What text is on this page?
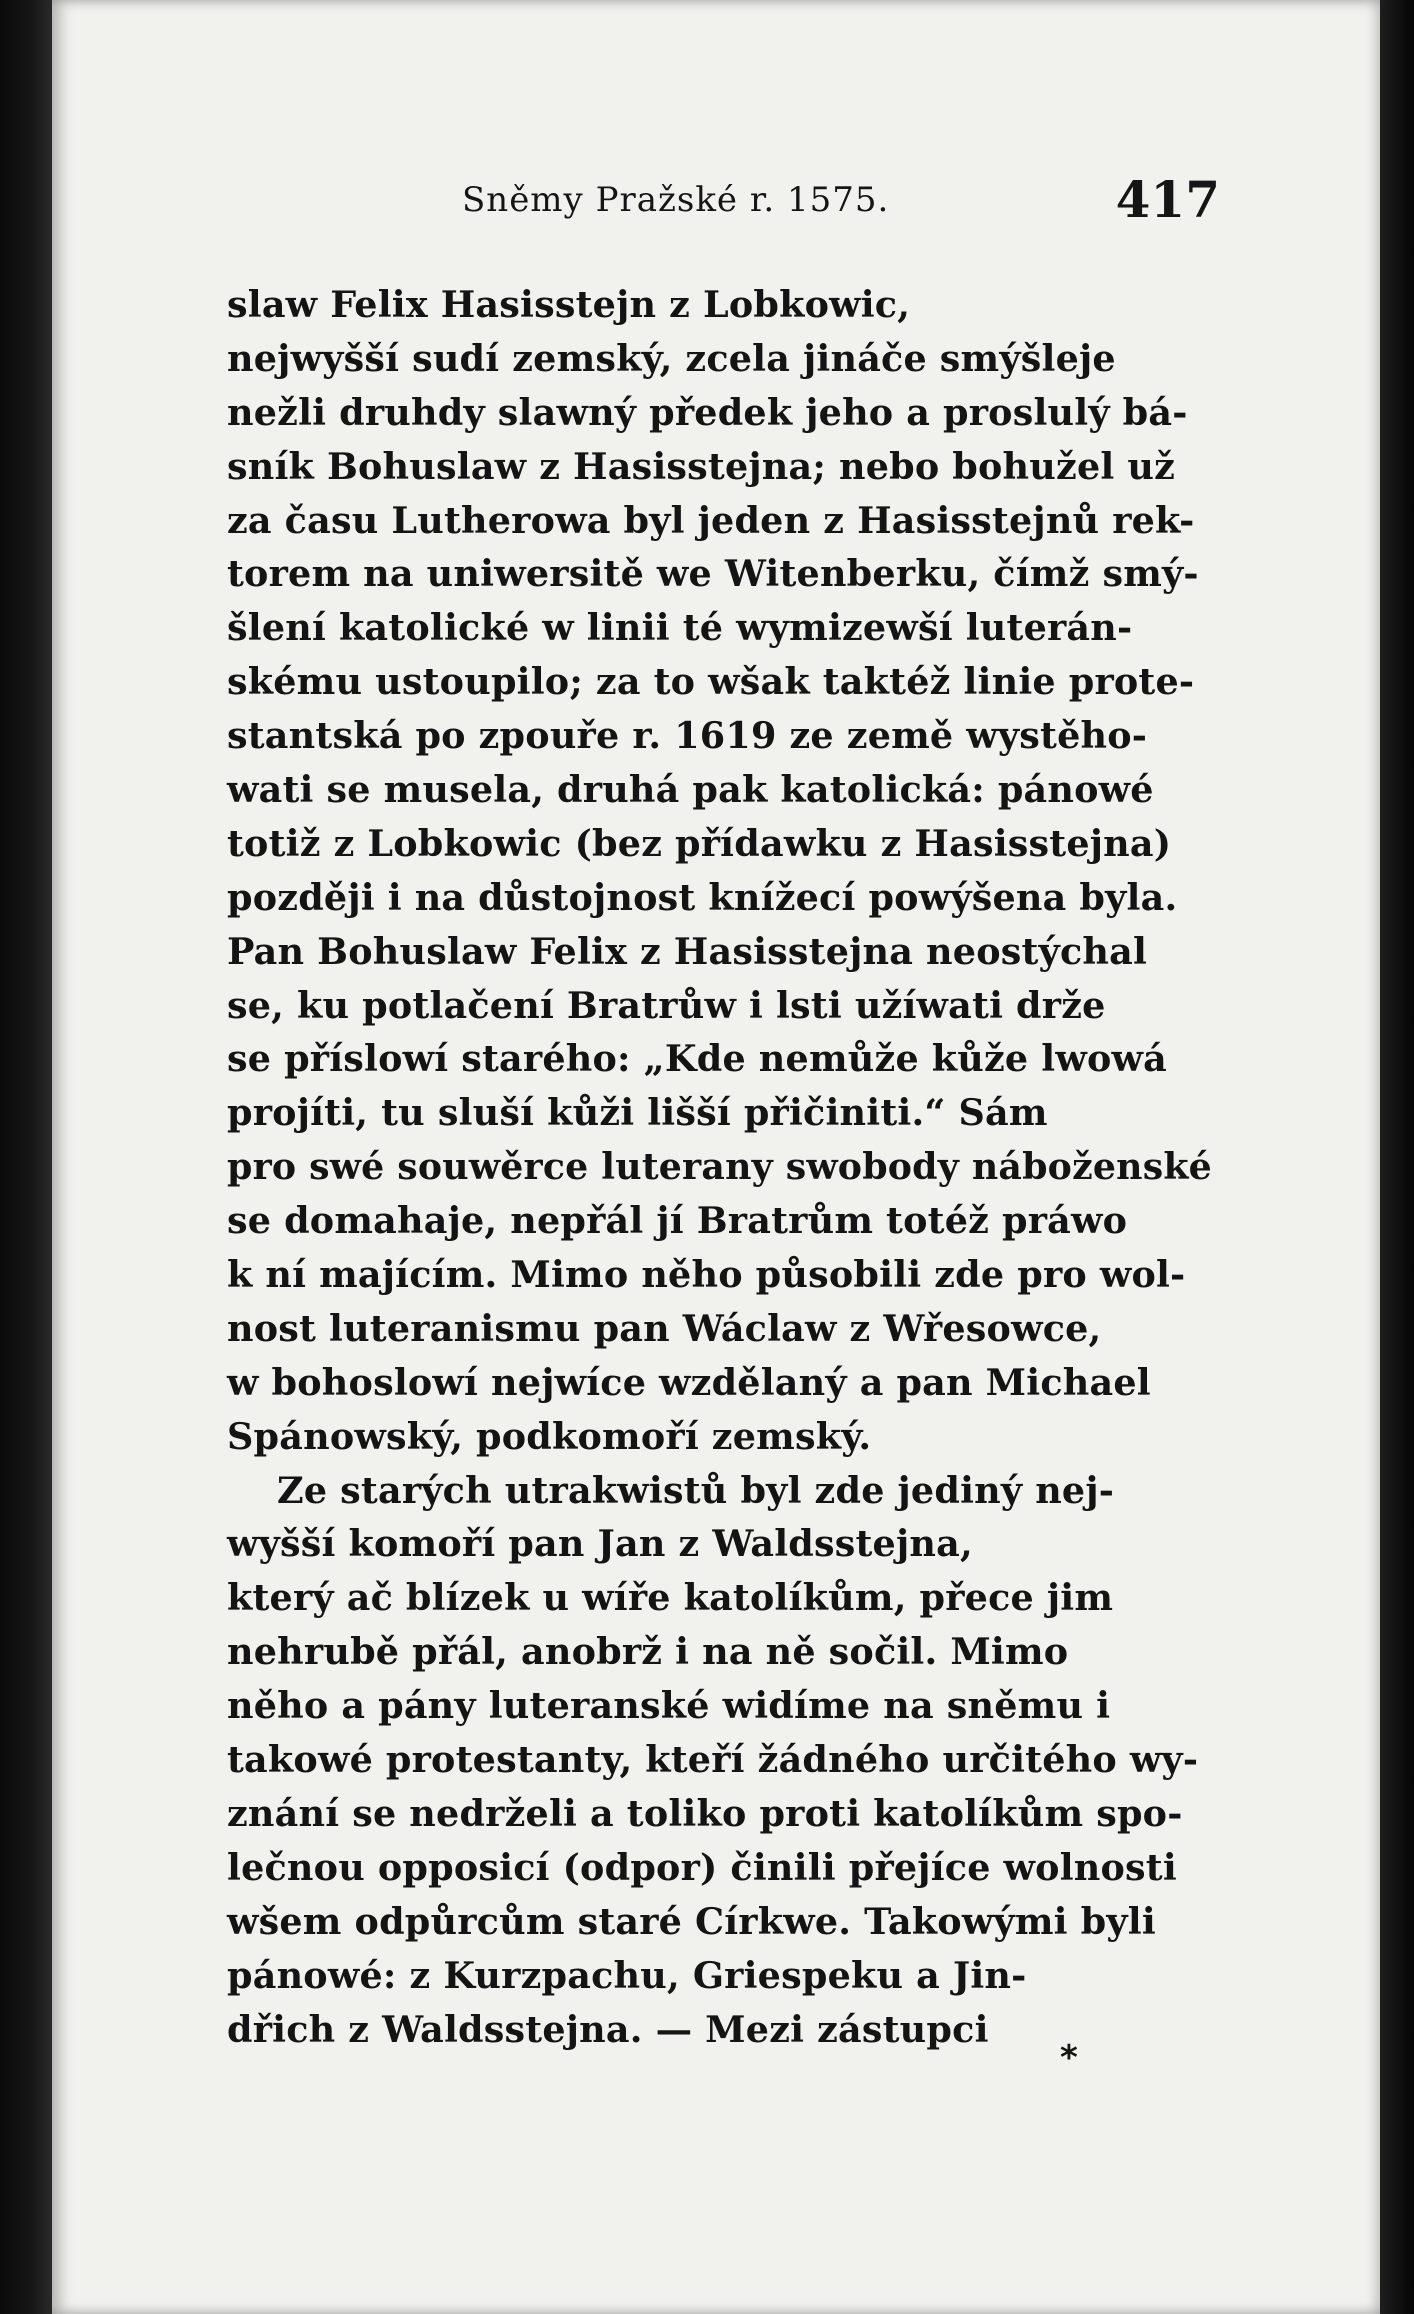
Sněmy Pražské r. 1575.	417
slaw Felix Hasisstejn z Lobkowic,
nejwyšší sudí zemský, zcela jináče smýšleje
nežli druhdy slawný předek jeho a proslulý bá-
sník Bohuslaw z Hasisstejna; nebo bohužel už
za času Lutherowa byl jeden z Hasisstejnů rek-
torem na uniwersitě we Witenberku, čímž smý-
šlení katolické w linii té wymizewší luterán-
skému ustoupilo; za to wšak taktéž linie prote-
stantská po zpouře r. 1619 ze země wystěho-
wati se musela, druhá pak katolická: pánowé
totiž z Lobkowic (bez přídawku z Hasisstejna)
později i na důstojnost knížecí powýšena byla.
Pan Bohuslaw Felix z Hasisstejna neostýchal
se, ku potlačení Bratrůw i lsti užíwati drže
se příslowí starého: „Kde nemůže kůže lwowá
projíti, tu sluší kůži lišší přičiniti.“ Sám
pro swé souwěrce luterany swobody náboženské
se domahaje, nepřál jí Bratrům totéž práwo
k ní majícím. Mimo něho působili zde pro wol-
nost luteranismu pan Wáclaw z Wřesowce,
w bohoslowí nejwíce wzdělaný a pan Michael
Spánowský, podkomoří zemský.
Ze starých utrakwistů byl zde jediný nej-
wyšší komoří pan Jan z Waldsstejna,
který ač blízek u wíře katolíkům, přece jim
nehrubě přál, anobrž i na ně sočil. Mimo
něho a pány luteranské widíme na sněmu i
takowé protestanty, kteří žádného určitého wy-
znání se nedrželi a toliko proti katolíkům spo-
lečnou opposicí (odpor) činili přejíce wolnosti
wšem odpůrcům staré Církwe. Takowými byli
pánowé: z Kurzpachu, Griespeku a Jin-
dřich z Waldsstejna. — Mezi zástupci
*
